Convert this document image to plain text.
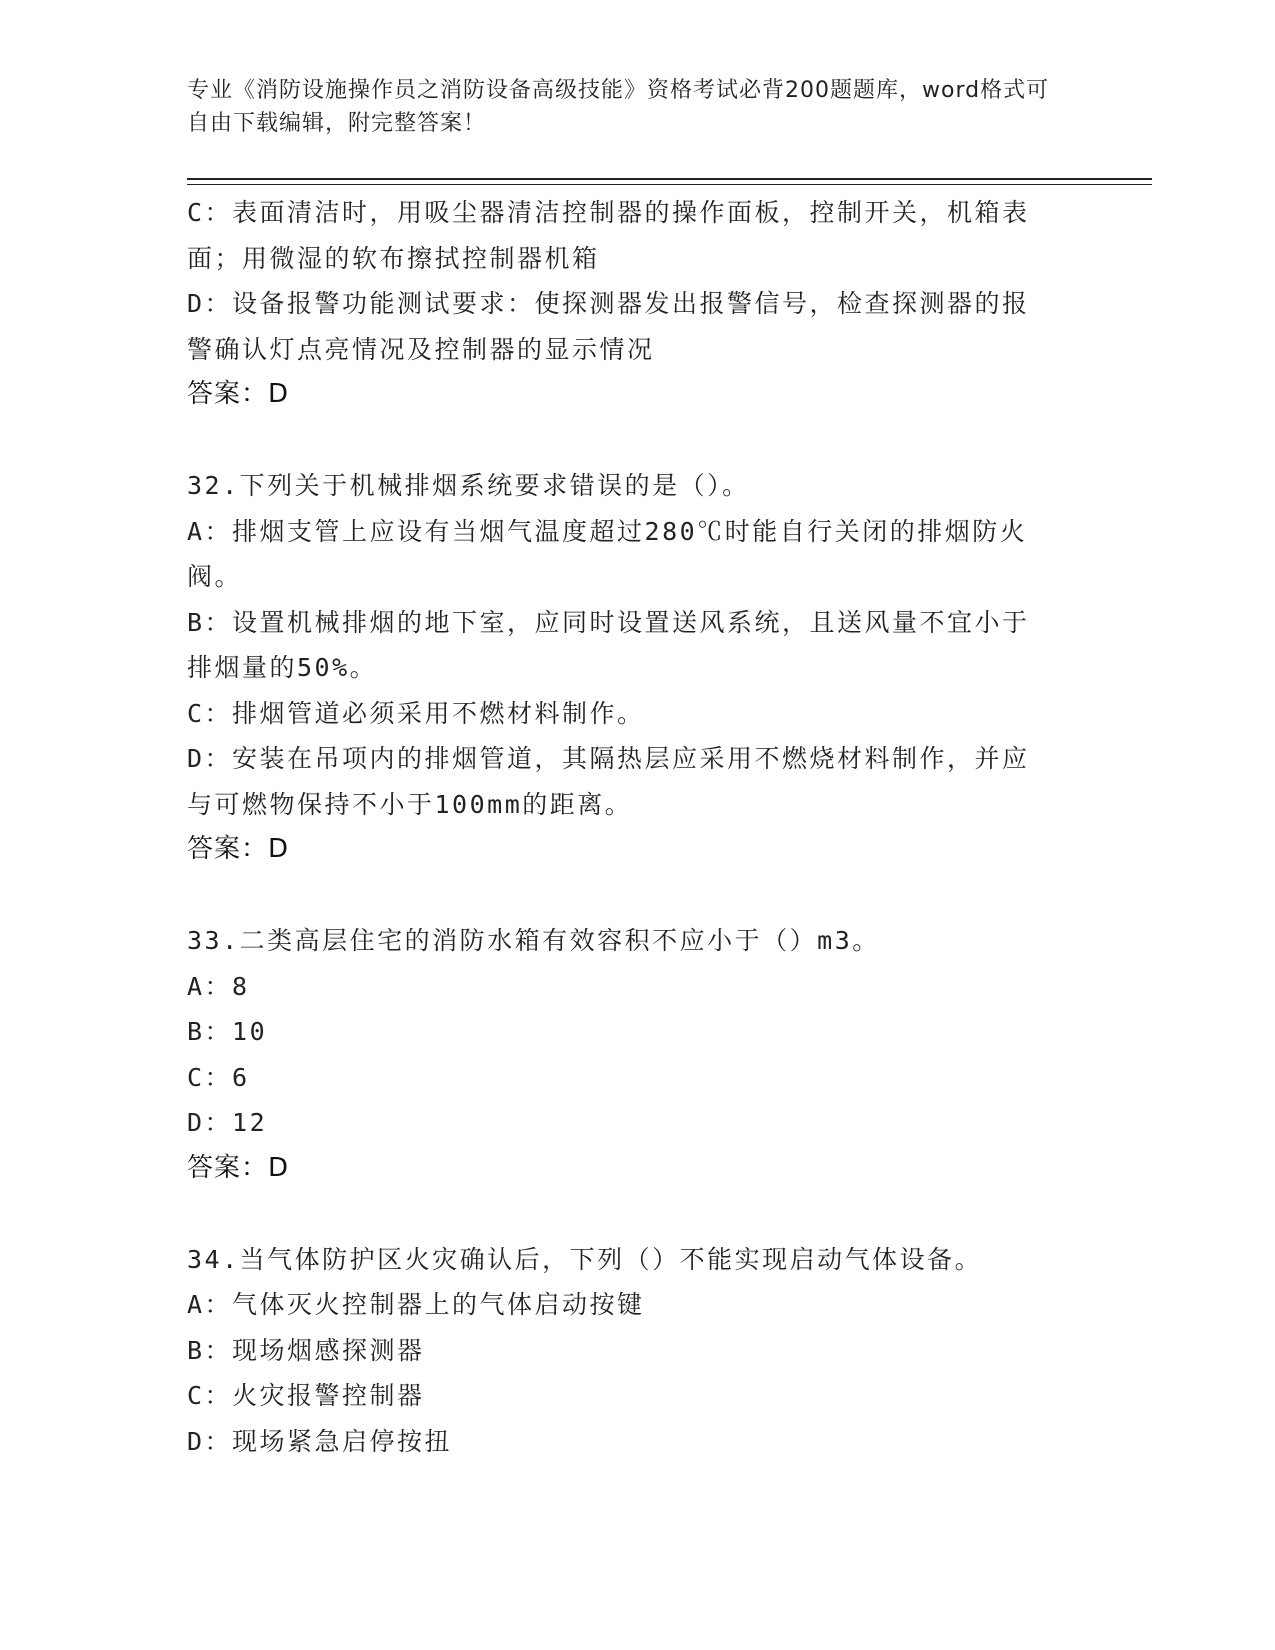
专业《消防设施操作员之消防设备高级技能》资格考试必背200题题库，word格式可自由下载编辑，附完整答案！
C：表面清洁时，用吸尘器清洁控制器的操作面板，控制开关，机箱表
面；用微湿的软布擦拭控制器机箱
D：设备报警功能测试要求：使探测器发出报警信号，检查探测器的报
警确认灯点亮情况及控制器的显示情况
答案：D
32.下列关于机械排烟系统要求错误的是（）。
A：排烟支管上应设有当烟气温度超过280℃时能自行关闭的排烟防火
阀。
B：设置机械排烟的地下室，应同时设置送风系统，且送风量不宜小于
排烟量的50%。
C：排烟管道必须采用不燃材料制作。
D：安装在吊项内的排烟管道，其隔热层应采用不燃烧材料制作，并应
与可燃物保持不小于100mm的距离。
答案：D
33.二类高层住宅的消防水箱有效容积不应小于（）m3。
A：8
B：10
C：6
D：12
答案：D
34.当气体防护区火灾确认后，下列（）不能实现启动气体设备。
A：气体灭火控制器上的气体启动按键
B：现场烟感探测器
C：火灾报警控制器
D：现场紧急启停按扭
